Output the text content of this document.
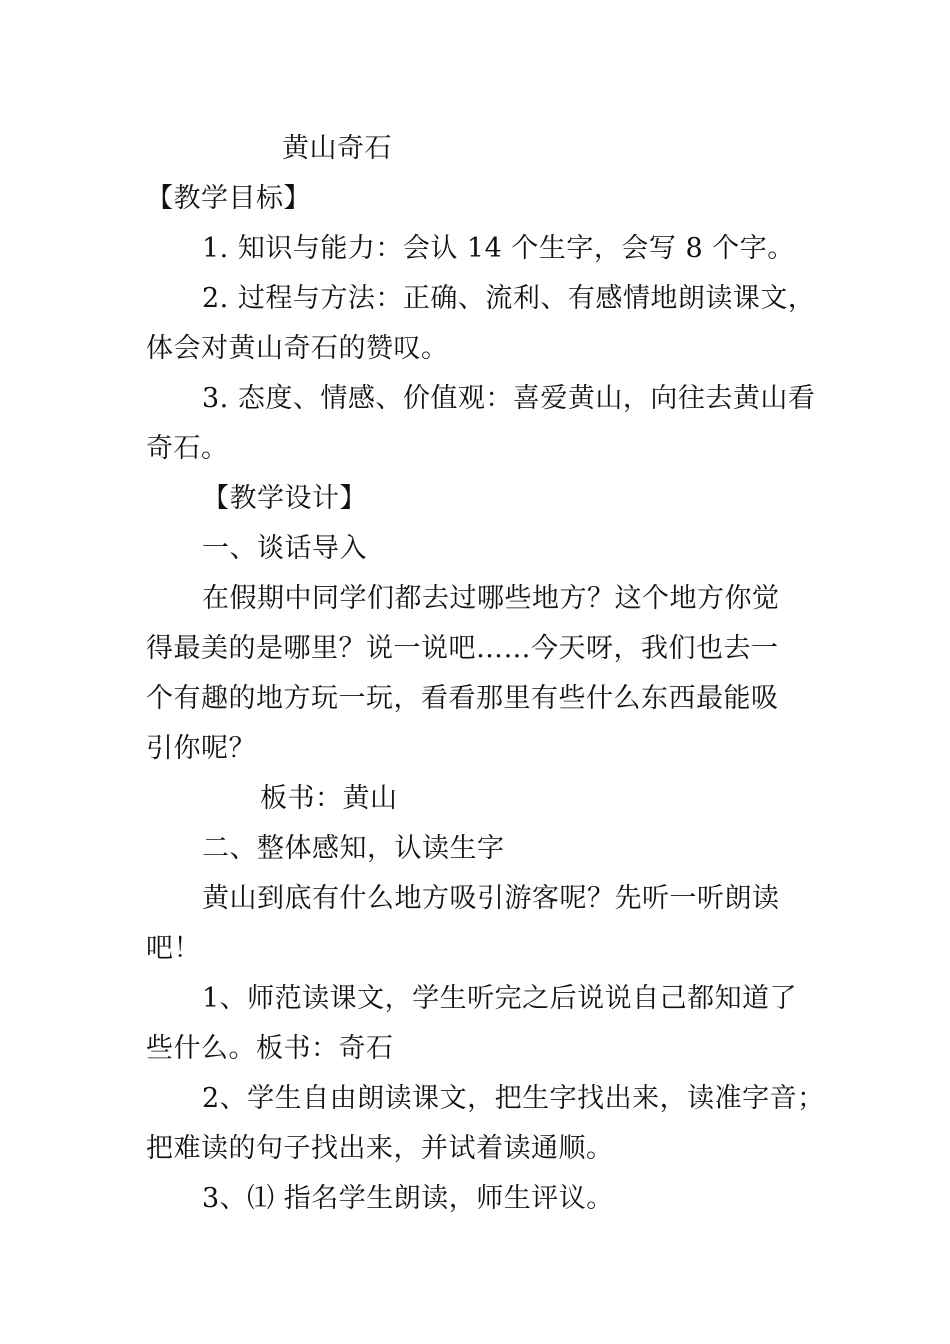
黄山奇石
【教学目标】
1. 知识与能力：会认 14 个生字，会写 8 个字。
2. 过程与方法：正确、流利、有感情地朗读课文，
体会对黄山奇石的赞叹。
3. 态度、情感、价值观：喜爱黄山，向往去黄山看
奇石。
【教学设计】
一、谈话导入
在假期中同学们都去过哪些地方？这个地方你觉
得最美的是哪里？说一说吧……今天呀，我们也去一
个有趣的地方玩一玩，看看那里有些什么东西最能吸
引你呢？
板书：黄山
二、整体感知，认读生字
黄山到底有什么地方吸引游客呢？先听一听朗读
吧！
1、师范读课文，学生听完之后说说自己都知道了
些什么。板书：奇石
2、学生自由朗读课文，把生字找出来，读准字音；
把难读的句子找出来，并试着读通顺。
3、⑴ 指名学生朗读，师生评议。
